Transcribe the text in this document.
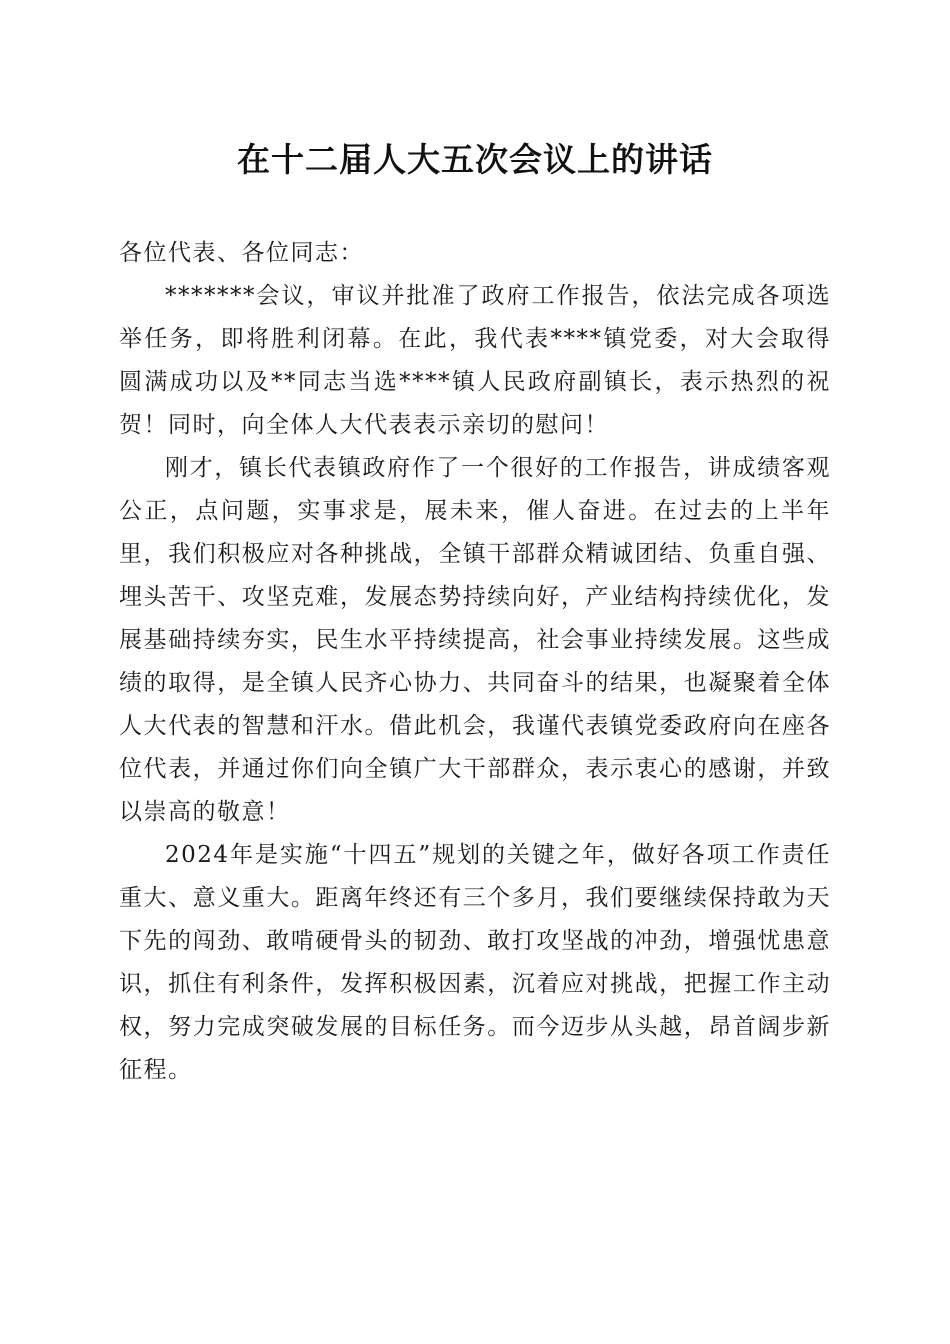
在十二届人大五次会议上的讲话

各位代表、各位同志：

*******会议，审议并批准了政府工作报告，依法完成各项选举任务，即将胜利闭幕。在此，我代表****镇党委，对大会取得圆满成功以及**同志当选****镇人民政府副镇长，表示热烈的祝贺！同时，向全体人大代表表示亲切的慰问！

刚才，镇长代表镇政府作了一个很好的工作报告，讲成绩客观公正，点问题，实事求是，展未来，催人奋进。在过去的上半年里，我们积极应对各种挑战，全镇干部群众精诚团结、负重自强、埋头苦干、攻坚克难，发展态势持续向好，产业结构持续优化，发展基础持续夯实，民生水平持续提高，社会事业持续发展。这些成绩的取得，是全镇人民齐心协力、共同奋斗的结果，也凝聚着全体人大代表的智慧和汗水。借此机会，我谨代表镇党委政府向在座各位代表，并通过你们向全镇广大干部群众，表示衷心的感谢，并致以崇高的敬意！

2024年是实施“十四五”规划的关键之年，做好各项工作责任重大、意义重大。距离年终还有三个多月，我们要继续保持敢为天下先的闯劲、敢啃硬骨头的韧劲、敢打攻坚战的冲劲，增强忧患意识，抓住有利条件，发挥积极因素，沉着应对挑战，把握工作主动权，努力完成突破发展的目标任务。而今迈步从头越，昂首阔步新征程。
